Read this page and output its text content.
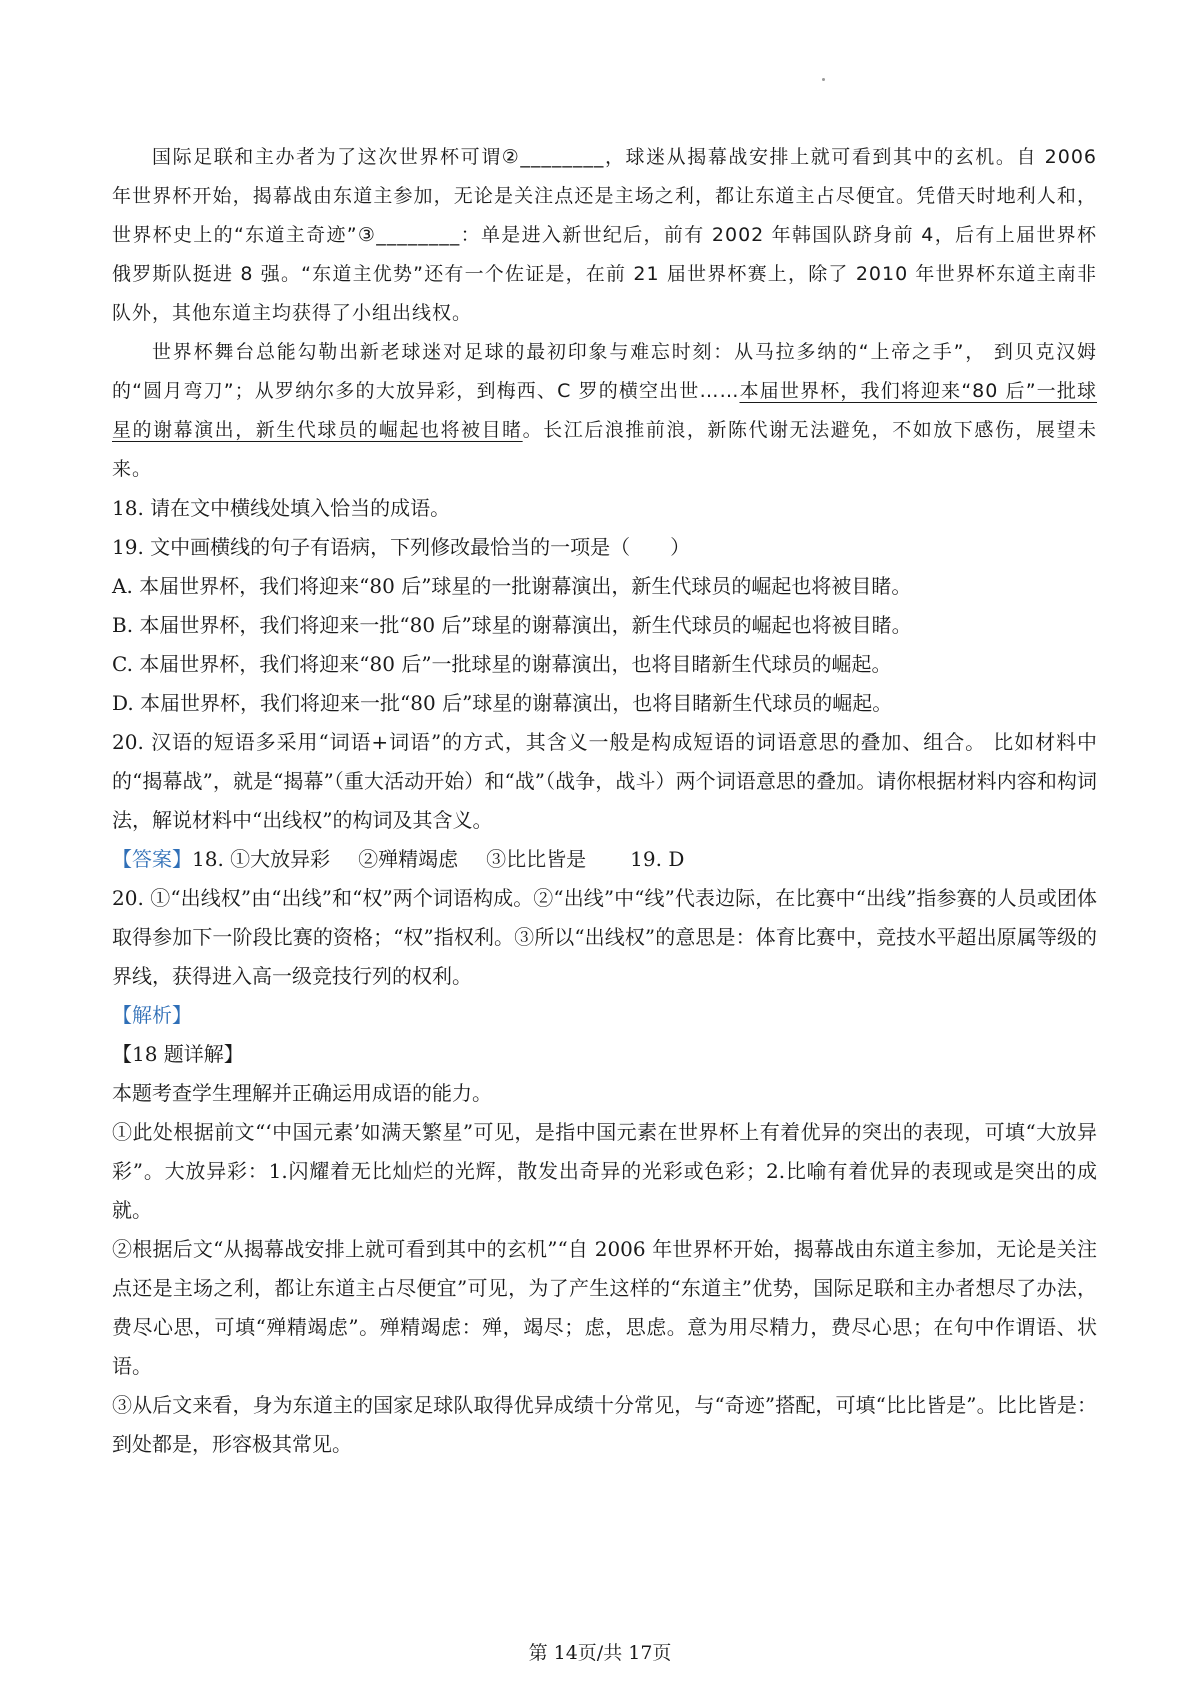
国际足联和主办者为了这次世界杯可谓②________，球迷从揭幕战安排上就可看到其中的玄机。自 2006 年世界杯开始，揭幕战由东道主参加，无论是关注点还是主场之利，都让东道主占尽便宜。凭借天时地利人和，世界杯史上的“东道主奇迹”③________：单是进入新世纪后，前有 2002 年韩国队跻身前 4，后有上届世界杯俄罗斯队挺进 8 强。“东道主优势”还有一个佐证是，在前 21 届世界杯赛上，除了 2010 年世界杯东道主南非队外，其他东道主均获得了小组出线权。

世界杯舞台总能勾勒出新老球迷对足球的最初印象与难忘时刻：从马拉多纳的“上帝之手”， 到贝克汉姆的“圆月弯刀”；从罗纳尔多的大放异彩，到梅西、C 罗的横空出世……本届世界杯，我们将迎来“80 后”一批球星的谢幕演出，新生代球员的崛起也将被目睹。长江后浪推前浪，新陈代谢无法避免，不如放下感伤，展望未来。

18. 请在文中横线处填入恰当的成语。

19. 文中画横线的句子有语病，下列修改最恰当的一项是（　　）

A. 本届世界杯，我们将迎来“80 后”球星的一批谢幕演出，新生代球员的崛起也将被目睹。

B. 本届世界杯，我们将迎来一批“80 后”球星的谢幕演出，新生代球员的崛起也将被目睹。

C. 本届世界杯，我们将迎来“80 后”一批球星的谢幕演出，也将目睹新生代球员的崛起。

D. 本届世界杯，我们将迎来一批“80 后”球星的谢幕演出，也将目睹新生代球员的崛起。

20. 汉语的短语多采用“词语+词语”的方式，其含义一般是构成短语的词语意思的叠加、组合。 比如材料中的“揭幕战”，就是“揭幕”（重大活动开始）和“战”（战争，战斗）两个词语意思的叠加。请你根据材料内容和构词法，解说材料中“出线权”的构词及其含义。

【答案】18. ①大放异彩 ②殚精竭虑 ③比比皆是 19. D

20. ①“出线权”由“出线”和“权”两个词语构成。②“出线”中“线”代表边际，在比赛中“出线”指参赛的人员或团体取得参加下一阶段比赛的资格；“权”指权利。③所以“出线权”的意思是：体育比赛中，竞技水平超出原属等级的界线，获得进入高一级竞技行列的权利。

【解析】

【18 题详解】

本题考查学生理解并正确运用成语的能力。

①此处根据前文“‘中国元素’如满天繁星”可见，是指中国元素在世界杯上有着优异的突出的表现，可填“大放异彩”。大放异彩：1.闪耀着无比灿烂的光辉，散发出奇异的光彩或色彩；2.比喻有着优异的表现或是突出的成就。

②根据后文“从揭幕战安排上就可看到其中的玄机”“自 2006 年世界杯开始，揭幕战由东道主参加，无论是关注点还是主场之利，都让东道主占尽便宜”可见，为了产生这样的“东道主”优势，国际足联和主办者想尽了办法，费尽心思，可填“殚精竭虑”。殚精竭虑：殚，竭尽；虑，思虑。意为用尽精力，费尽心思；在句中作谓语、状语。

③从后文来看，身为东道主的国家足球队取得优异成绩十分常见，与“奇迹”搭配，可填“比比皆是”。比比皆是：到处都是，形容极其常见。

第 14页/共 17页
